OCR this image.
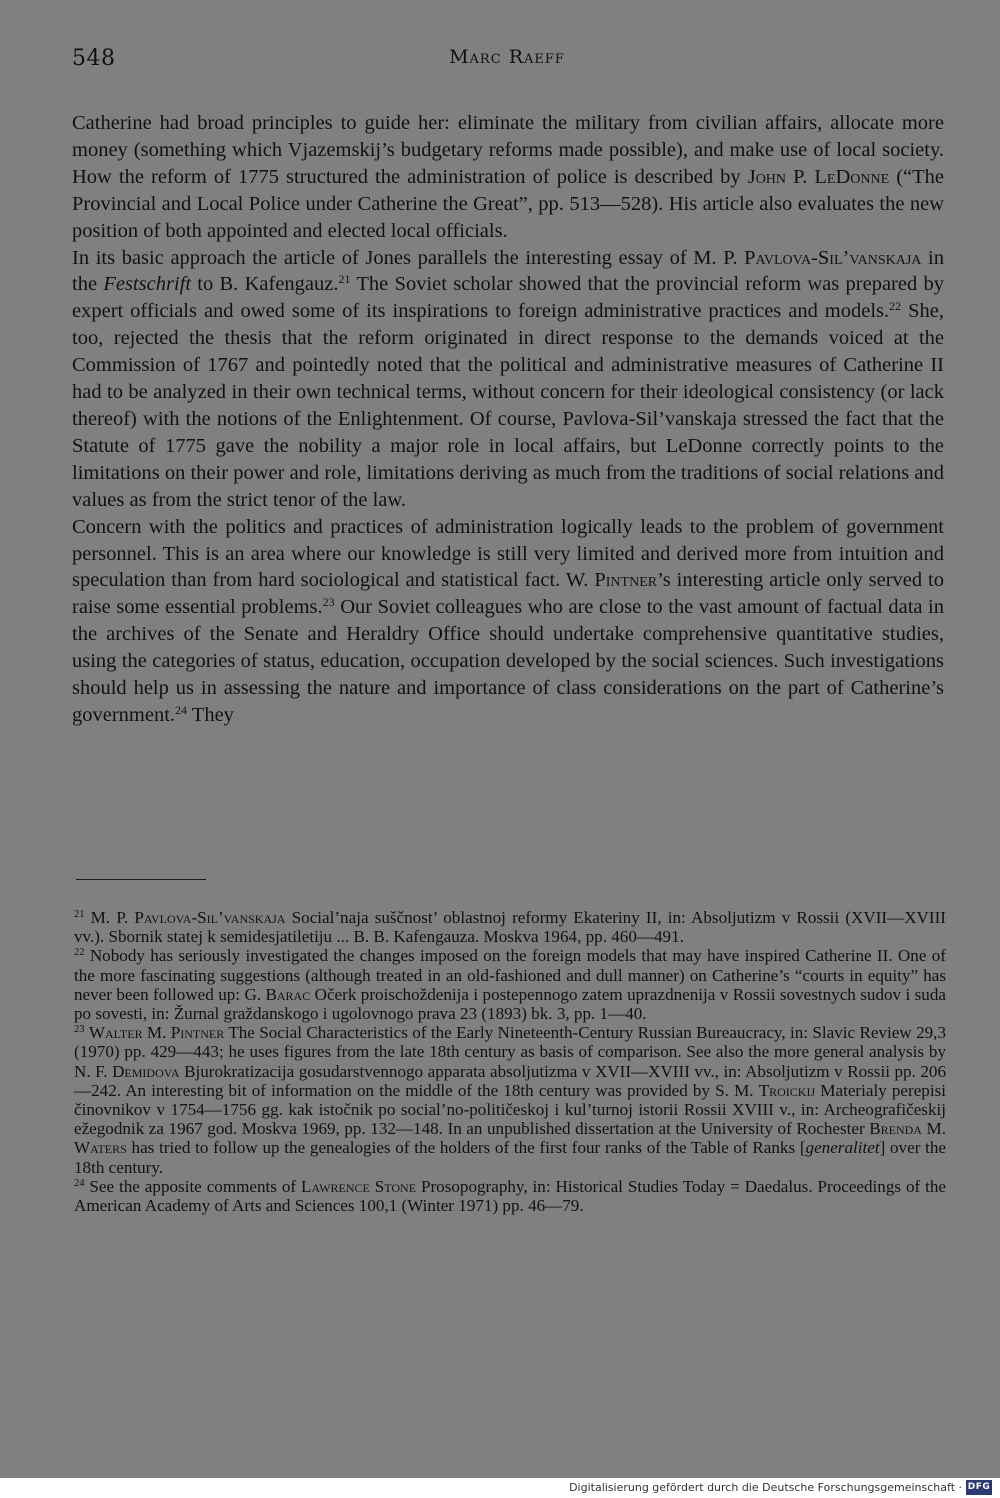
548	Marc Raeff

Catherine had broad principles to guide her: eliminate the military from civilian affairs, allocate more money (something which Vjazemskij’s budgetary reforms made possible), and make use of local society. How the reform of 1775 structured the administration of police is described by John P. LeDonne (“The Provincial and Local Police under Catherine the Great”, pp. 513—528). His article also evaluates the new position of both appointed and elected local officials.

In its basic approach the article of Jones parallels the interesting essay of M. P. Pavlova-Sil’vanskaja in the Festschrift to B. Kafengauz.$^{21}$ The Soviet scholar showed that the provincial reform was prepared by expert officials and owed some of its inspirations to foreign administrative practices and models.$^{22}$ She, too, rejected the thesis that the reform originated in direct response to the demands voiced at the Commission of 1767 and pointedly noted that the political and administrative measures of Catherine II had to be analyzed in their own technical terms, without concern for their ideological consistency (or lack thereof) with the notions of the Enlightenment. Of course, Pavlova-Sil’vanskaja stressed the fact that the Statute of 1775 gave the nobility a major role in local affairs, but LeDonne correctly points to the limitations on their power and role, limitations deriving as much from the traditions of social relations and values as from the strict tenor of the law.

Concern with the politics and practices of administration logically leads to the problem of government personnel. This is an area where our knowledge is still very limited and derived more from intuition and speculation than from hard sociological and statistical fact. W. Pintner’s interesting article only served to raise some essential problems.$^{23}$ Our Soviet colleagues who are close to the vast amount of factual data in the archives of the Senate and Heraldry Office should undertake comprehensive quantitative studies, using the categories of status, education, occupation developed by the social sciences. Such investigations should help us in assessing the nature and importance of class considerations on the part of Catherine’s government.$^{24}$ They

$^{21}$ M. P. Pavlova-Sil’vanskaja Social’naja suščnost’ oblastnoj reformy Ekateriny II, in: Absoljutizm v Rossii (XVII—XVIII vv.). Sbornik statej k semidesjatiletiju ... B. B. Kafengauza. Moskva 1964, pp. 460—491.

$^{22}$ Nobody has seriously investigated the changes imposed on the foreign models that may have inspired Catherine II. One of the more fascinating suggestions (although treated in an old-fashioned and dull manner) on Catherine’s “courts in equity” has never been followed up: G. Barac Očerk proischoždenija i postepennogo zatem uprazdnenija v Rossii sovestnych sudov i suda po sovesti, in: Žurnal graždanskogo i ugolovnogo prava 23 (1893) bk. 3, pp. 1—40.

$^{23}$ Walter M. Pintner The Social Characteristics of the Early Nineteenth-Century Russian Bureaucracy, in: Slavic Review 29,3 (1970) pp. 429—443; he uses figures from the late 18th century as basis of comparison. See also the more general analysis by N. F. Demidova Bjurokratizacija gosudarstvennogo apparata absoljutizma v XVII—XVIII vv., in: Absoljutizm v Rossii pp. 206—242. An interesting bit of information on the middle of the 18th century was provided by S. M. Troickij Materialy perepisi činovnikov v 1754—1756 gg. kak istočnik po social’no-političeskoj i kul’turnoj istorii Rossii XVIII v., in: Archeografičeskij ežegodnik za 1967 god. Moskva 1969, pp. 132—148. In an unpublished dissertation at the University of Rochester Brenda M. Waters has tried to follow up the genealogies of the holders of the first four ranks of the Table of Ranks [generalitet] over the 18th century.

$^{24}$ See the apposite comments of Lawrence Stone Prosopography, in: Historical Studies Today = Daedalus. Proceedings of the American Academy of Arts and Sciences 100,1 (Winter 1971) pp. 46—79.

Digitalisierung gefördert durch die Deutsche Forschungsgemeinschaft · DFG
